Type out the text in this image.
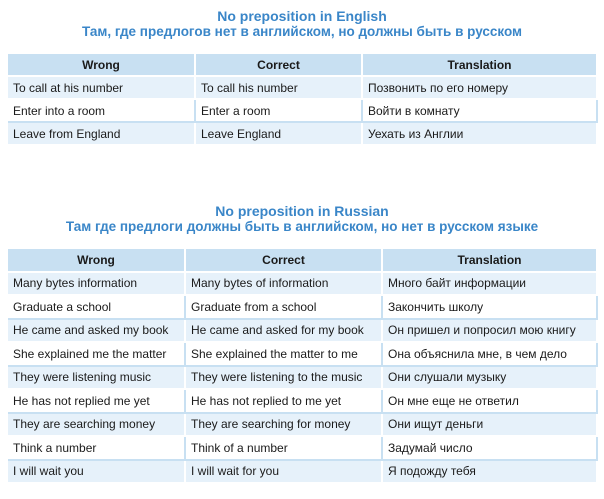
No preposition in English

Там, где предлогов нет в английском, но должны быть в русском

Wrong	Correct	Translation
To call at his number	To call his number	Позвонить по его номеру
Enter into a room	Enter a room	Войти в комнату
Leave from England	Leave England	Уехать из Англии

No preposition in Russian

Там где предлоги должны быть в английском, но нет в русском языке

Wrong	Correct	Translation
Many bytes information	Many bytes of information	Много байт информации
Graduate a school	Graduate from a school	Закончить школу
He came and asked my book	He came and asked for my book	Он пришел и попросил мою книгу
She explained me the matter	She explained the matter to me	Она объяснила мне, в чем дело
They were listening music	They were listening to the music	Они слушали музыку
He has not replied me yet	He has not replied to me yet	Он мне еще не ответил
They are searching money	They are searching for money	Они ищут деньги
Think a number	Think of a number	Задумай число
I will wait you	I will wait for you	Я подожду тебя
